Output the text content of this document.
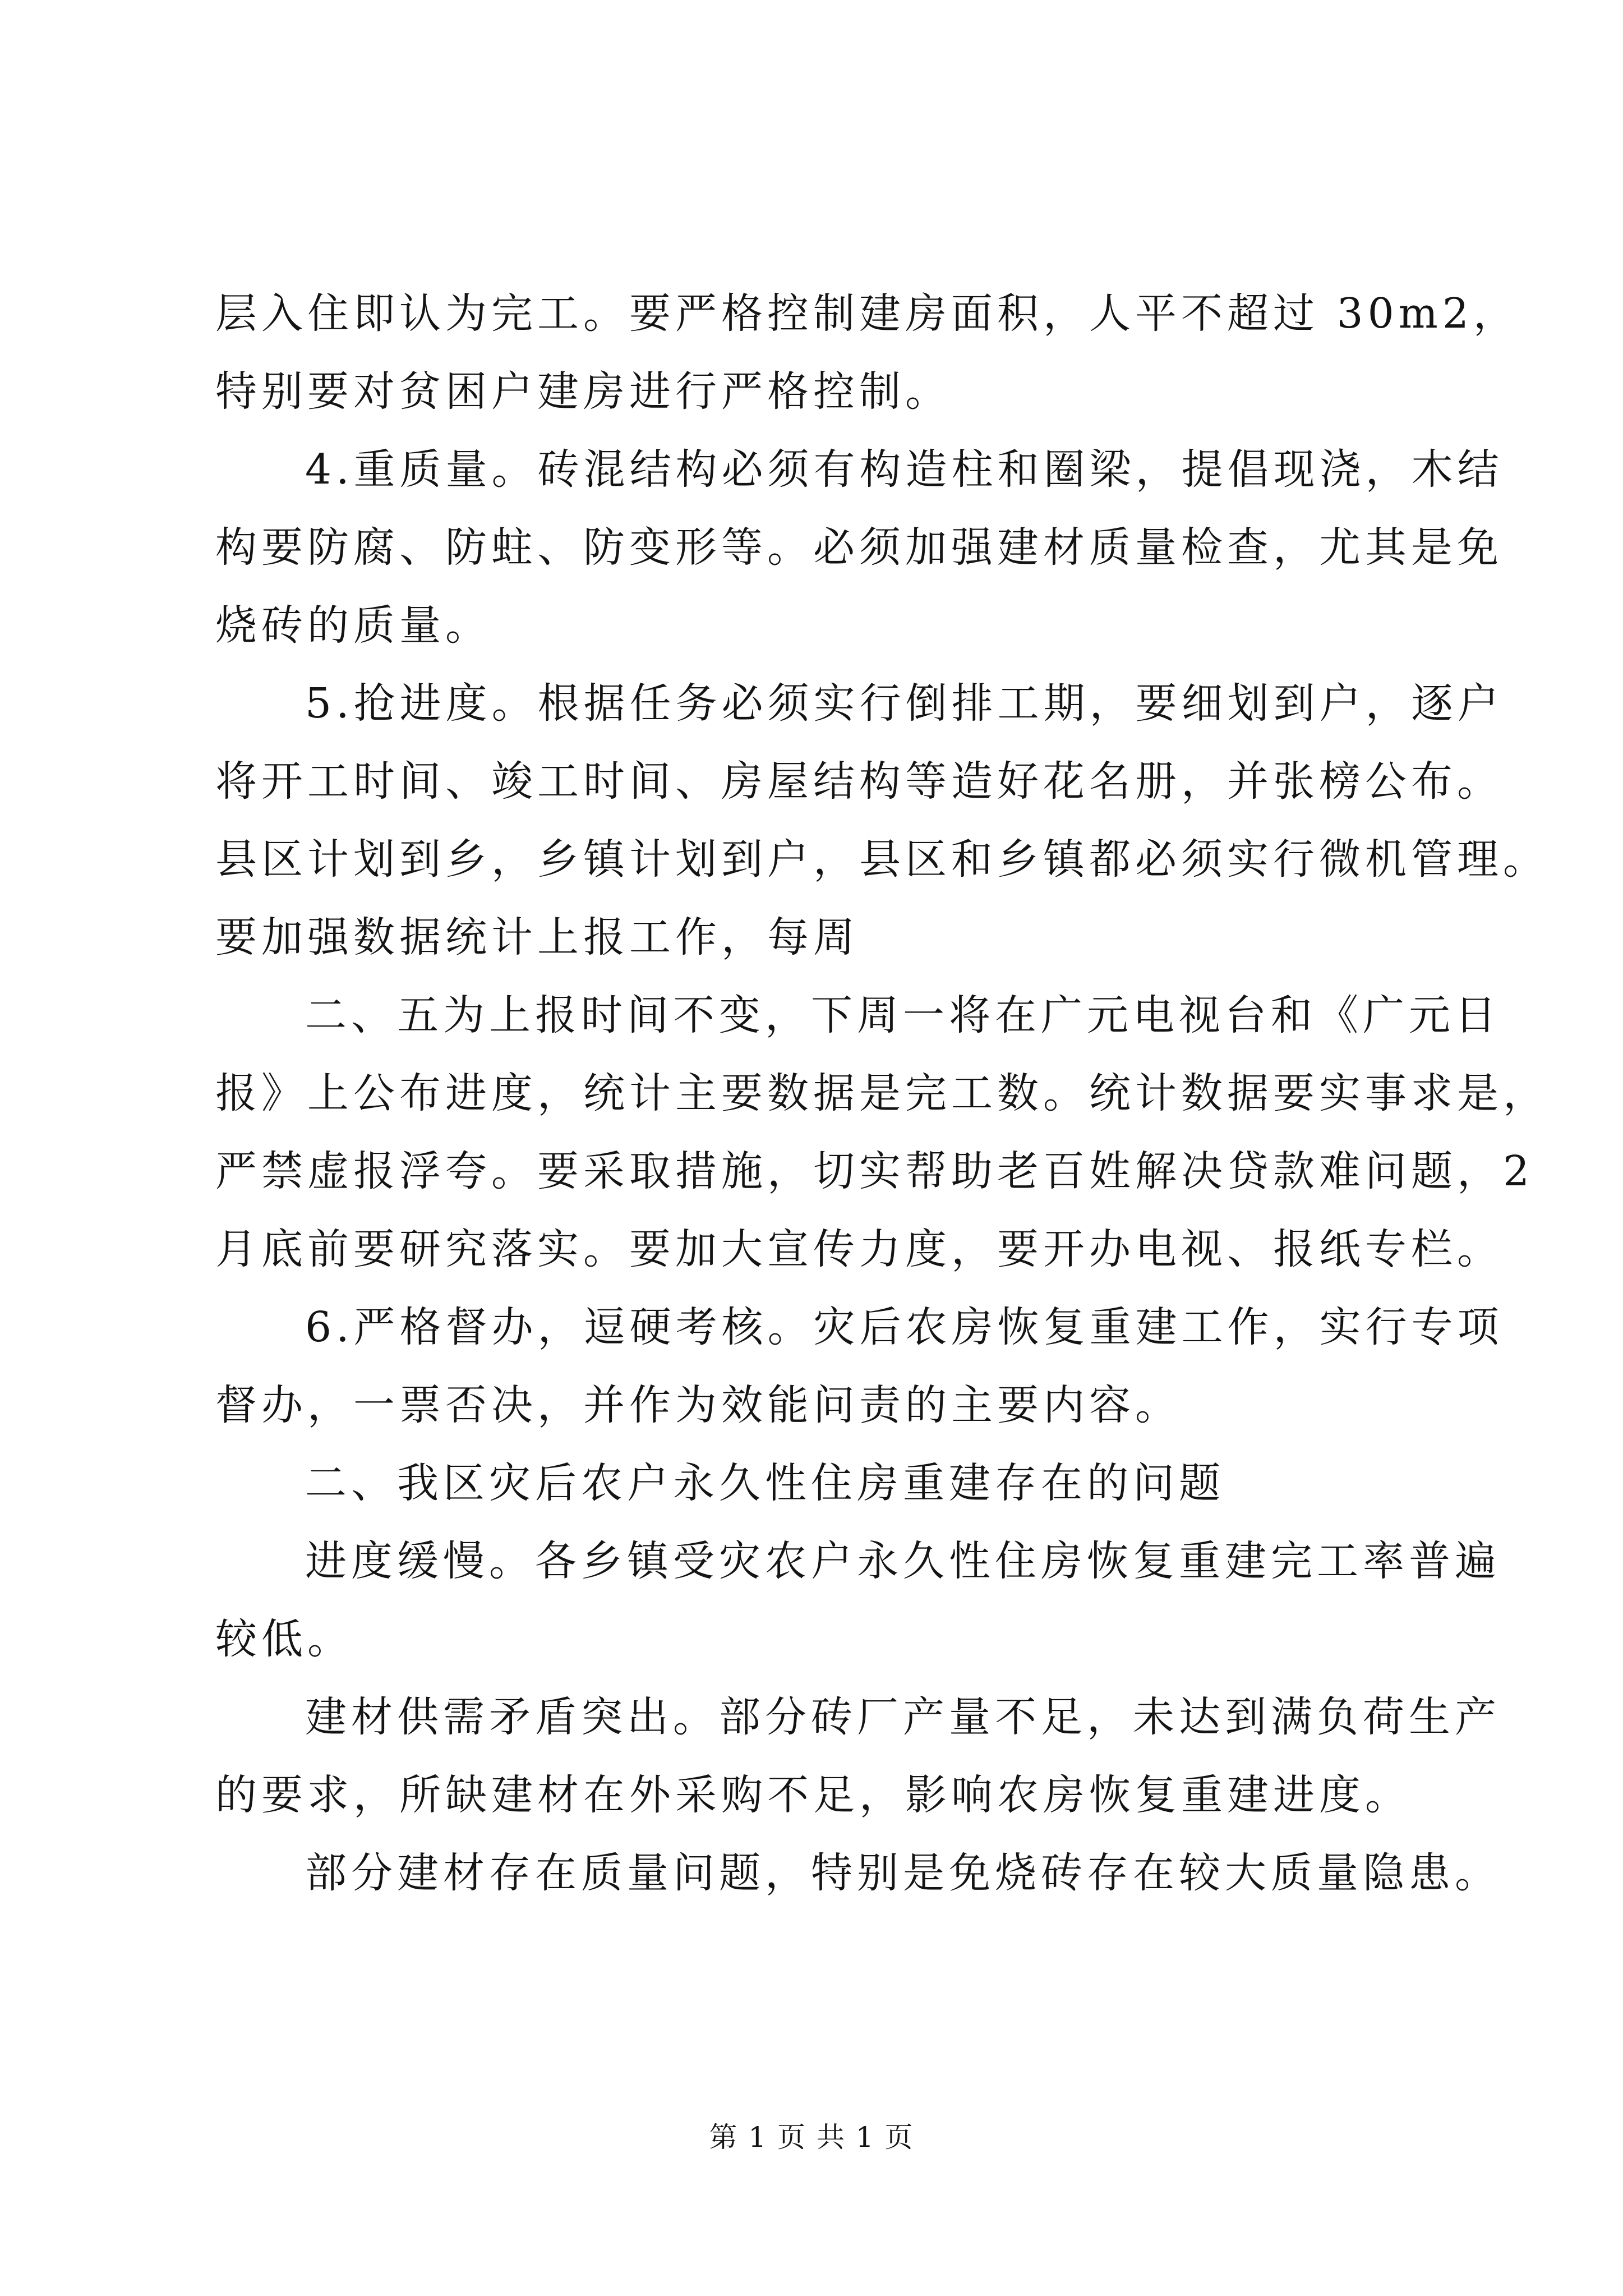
层入住即认为完工。要严格控制建房面积，人平不超过 30m2，
特别要对贫困户建房进行严格控制。
4.重质量。砖混结构必须有构造柱和圈梁，提倡现浇，木结
构要防腐、防蛀、防变形等。必须加强建材质量检查，尤其是免
烧砖的质量。
5.抢进度。根据任务必须实行倒排工期，要细划到户，逐户
将开工时间、竣工时间、房屋结构等造好花名册，并张榜公布。
县区计划到乡，乡镇计划到户，县区和乡镇都必须实行微机管理。
要加强数据统计上报工作，每周
二、五为上报时间不变，下周一将在广元电视台和《广元日
报》上公布进度，统计主要数据是完工数。统计数据要实事求是，
严禁虚报浮夸。要采取措施，切实帮助老百姓解决贷款难问题，2
月底前要研究落实。要加大宣传力度，要开办电视、报纸专栏。
6.严格督办，逗硬考核。灾后农房恢复重建工作，实行专项
督办，一票否决，并作为效能问责的主要内容。
二、我区灾后农户永久性住房重建存在的问题
进度缓慢。各乡镇受灾农户永久性住房恢复重建完工率普遍
较低。
建材供需矛盾突出。部分砖厂产量不足，未达到满负荷生产
的要求，所缺建材在外采购不足，影响农房恢复重建进度。
部分建材存在质量问题，特别是免烧砖存在较大质量隐患。
第 1 页 共 1 页
